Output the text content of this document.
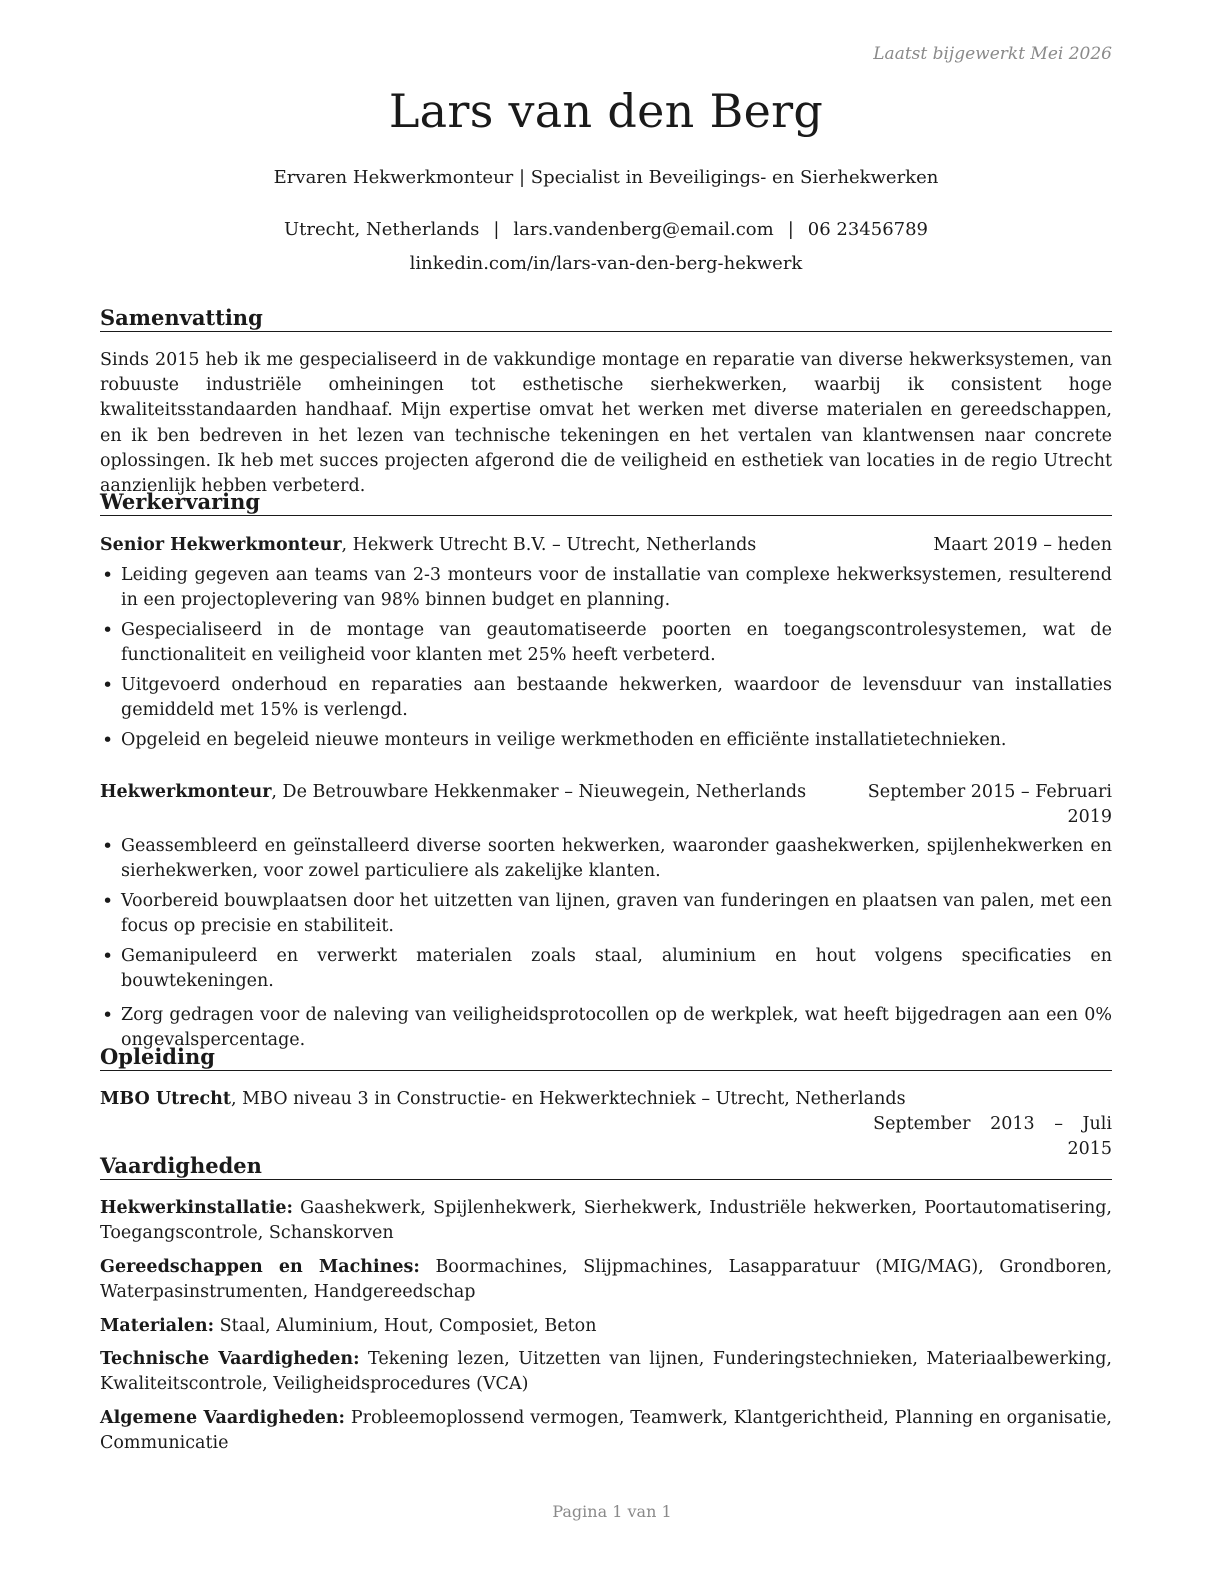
Laatst bijgewerkt Mei 2026
Lars van den Berg
Ervaren Hekwerkmonteur | Specialist in Beveiligings- en Sierhekwerken
Utrecht, Netherlands | lars.vandenberg@email.com | 06 23456789
linkedin.com/in/lars-van-den-berg-hekwerk
Samenvatting

Sinds 2015 heb ik me gespecialiseerd in de vakkundige montage en reparatie van diverse hekwerksystemen, van robuuste industriële omheiningen tot esthetische sierhekwerken, waarbij ik consistent hoge kwaliteitsstandaarden handhaaf. Mijn expertise omvat het werken met diverse materialen en gereedschappen, en ik ben bedreven in het lezen van technische tekeningen en het vertalen van klantwensen naar concrete oplossingen. Ik heb met succes projecten afgerond die de veiligheid en esthetiek van locaties in de regio Utrecht aanzienlijk hebben verbeterd.

Werkervaring
Senior Hekwerkmonteur, Hekwerk Utrecht B.V. – Utrecht, Netherlands	Maart 2019 – heden
• Leiding gegeven aan teams van 2-3 monteurs voor de installatie van complexe hekwerksystemen, resulterend in een projectoplevering van 98% binnen budget en planning.
• Gespecialiseerd in de montage van geautomatiseerde poorten en toegangscontrolesystemen, wat de functionaliteit en veiligheid voor klanten met 25% heeft verbeterd.
• Uitgevoerd onderhoud en reparaties aan bestaande hekwerken, waardoor de levensduur van installaties gemiddeld met 15% is verlengd.
• Opgeleid en begeleid nieuwe monteurs in veilige werkmethoden en efficiënte installatietechnieken.
Hekwerkmonteur, De Betrouwbare Hekkenmaker – Nieuwegein, Netherlands	September 2015 – Februari
2019
• Geassembleerd en geïnstalleerd diverse soorten hekwerken, waaronder gaashekwerken, spijlenhekwerken en sierhekwerken, voor zowel particuliere als zakelijke klanten.
• Voorbereid bouwplaatsen door het uitzetten van lijnen, graven van funderingen en plaatsen van palen, met een focus op precisie en stabiliteit.
• Gemanipuleerd en verwerkt materialen zoals staal, aluminium en hout volgens specificaties en bouwtekeningen.
• Zorg gedragen voor de naleving van veiligheidsprotocollen op de werkplek, wat heeft bijgedragen aan een 0% ongevalspercentage.
Opleiding
MBO Utrecht, MBO niveau 3 in Constructie- en Hekwerktechniek – Utrecht, Netherlands
September 2013 – Juli
2015
Vaardigheden
Hekwerkinstallatie: Gaashekwerk, Spijlenhekwerk, Sierhekwerk, Industriële hekwerken, Poortautomatisering, Toegangscontrole, Schanskorven
Gereedschappen en Machines: Boormachines, Slijpmachines, Lasapparatuur (MIG/MAG), Grondboren, Waterpasinstrumenten, Handgereedschap
Materialen: Staal, Aluminium, Hout, Composiet, Beton
Technische Vaardigheden: Tekening lezen, Uitzetten van lijnen, Funderingstechnieken, Materiaalbewerking, Kwaliteitscontrole, Veiligheidsprocedures (VCA)
Algemene Vaardigheden: Probleemoplossend vermogen, Teamwerk, Klantgerichtheid, Planning en organisatie, Communicatie
Pagina 1 van 1
